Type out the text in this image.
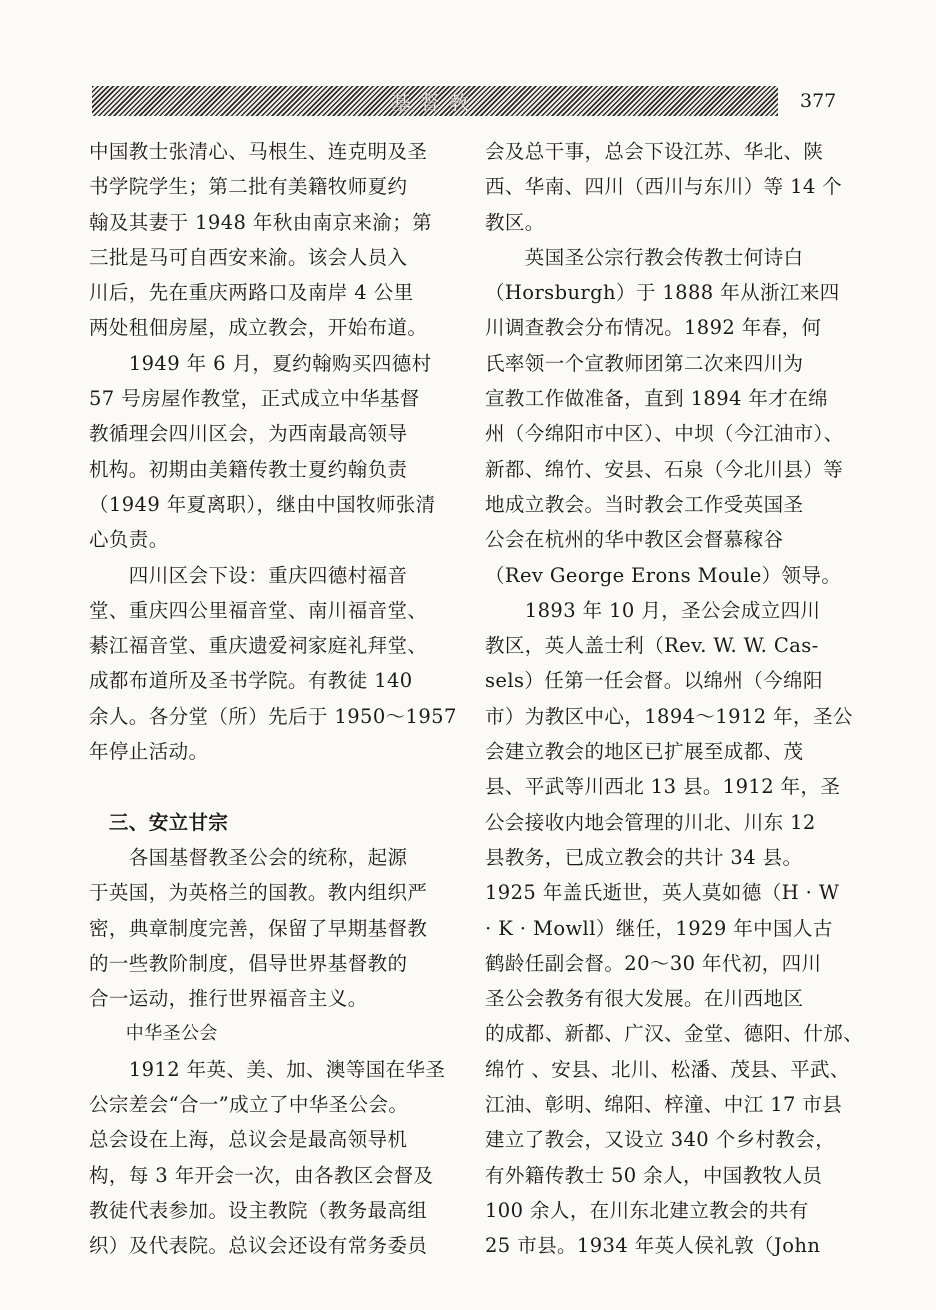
基督教	377
中国教士张清心、马根生、连克明及圣
书学院学生；第二批有美籍牧师夏约
翰及其妻于 1948 年秋由南京来渝；第
三批是马可自西安来渝。该会人员入
川后，先在重庆两路口及南岸 4 公里
两处租佃房屋，成立教会，开始布道。
　　1949 年 6 月，夏约翰购买四德村
57 号房屋作教堂，正式成立中华基督
教循理会四川区会，为西南最高领导
机构。初期由美籍传教士夏约翰负责
（1949 年夏离职），继由中国牧师张清
心负责。
　　四川区会下设：重庆四德村福音
堂、重庆四公里福音堂、南川福音堂、
綦江福音堂、重庆遗爱祠家庭礼拜堂、
成都布道所及圣书学院。有教徒 140
余人。各分堂（所）先后于 1950～1957
年停止活动。
　三、安立甘宗
　　各国基督教圣公会的统称，起源
于英国，为英格兰的国教。教内组织严
密，典章制度完善，保留了早期基督教
的一些教阶制度，倡导世界基督教的
合一运动，推行世界福音主义。
　　中华圣公会
　　1912 年英、美、加、澳等国在华圣
公宗差会“合一”成立了中华圣公会。
总会设在上海，总议会是最高领导机
构，每 3 年开会一次，由各教区会督及
教徒代表参加。设主教院（教务最高组
织）及代表院。总议会还设有常务委员
会及总干事，总会下设江苏、华北、陕
西、华南、四川（西川与东川）等 14 个
教区。
　　英国圣公宗行教会传教士何诗白
（Horsburgh）于 1888 年从浙江来四
川调查教会分布情况。1892 年春，何
氏率领一个宣教师团第二次来四川为
宣教工作做准备，直到 1894 年才在绵
州（今绵阳市中区）、中坝（今江油市）、
新都、绵竹、安县、石泉（今北川县）等
地成立教会。当时教会工作受英国圣
公会在杭州的华中教区会督慕稼谷
（Rev George Erons Moule）领导。
　　1893 年 10 月，圣公会成立四川
教区，英人盖士利（Rev. W. W. Cas-
sels）任第一任会督。以绵州（今绵阳
市）为教区中心，1894～1912 年，圣公
会建立教会的地区已扩展至成都、茂
县、平武等川西北 13 县。1912 年，圣
公会接收内地会管理的川北、川东 12
县教务，已成立教会的共计 34 县。
1925 年盖氏逝世，英人莫如德（H · W
· K · Mowll）继任，1929 年中国人古
鹤龄任副会督。20～30 年代初，四川
圣公会教务有很大发展。在川西地区
的成都、新都、广汉、金堂、德阳、什邡、
绵竹 、安县、北川、松潘、茂县、平武、
江油、彰明、绵阳、梓潼、中江 17 市县
建立了教会，又设立 340 个乡村教会，
有外籍传教士 50 余人，中国教牧人员
100 余人，在川东北建立教会的共有
25 市县。1934 年英人侯礼敦（John
